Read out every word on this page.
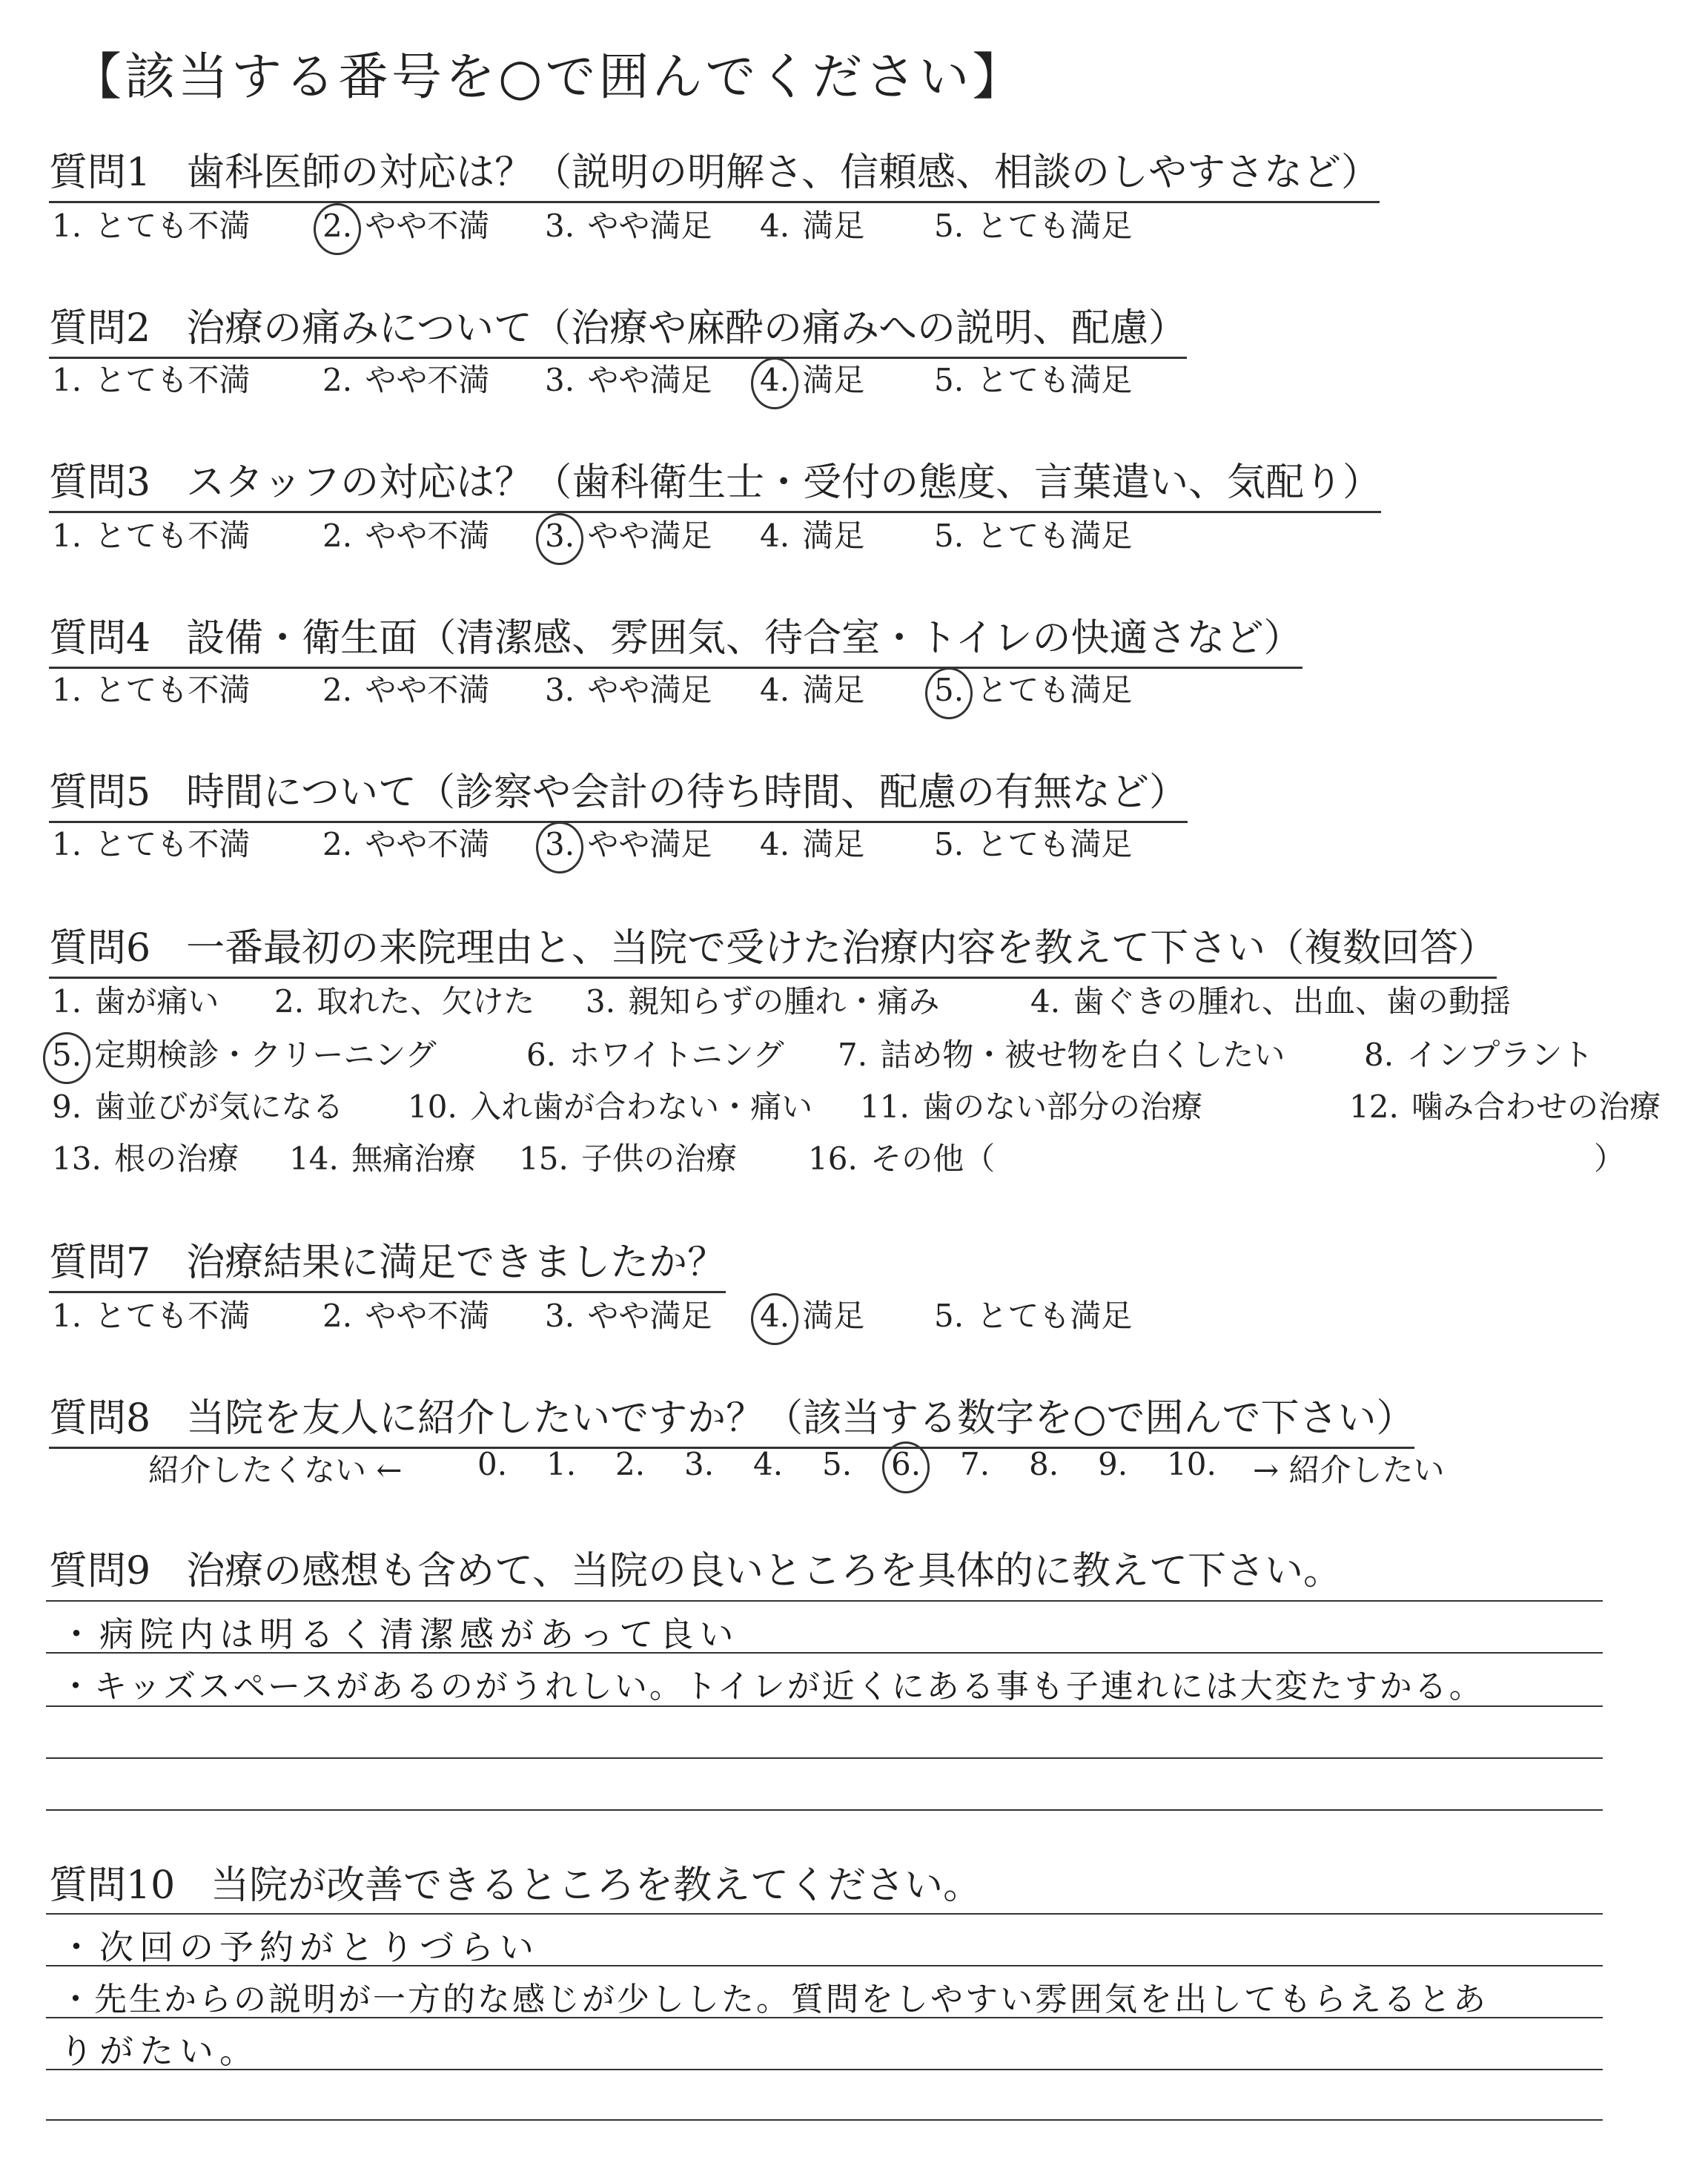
【該当する番号を○で囲んでください】
質問1 歯科医師の対応は？（説明の明解さ、信頼感、相談のしやすさなど）
1. とても不満 2. やや不満 3. やや満足 4. 満足 5. とても満足
質問2 治療の痛みについて（治療や麻酔の痛みへの説明、配慮）
1. とても不満 2. やや不満 3. やや満足 4. 満足 5. とても満足
質問3 スタッフの対応は？（歯科衛生士・受付の態度、言葉遣い、気配り）
1. とても不満 2. やや不満 3. やや満足 4. 満足 5. とても満足
質問4 設備・衛生面（清潔感、雰囲気、待合室・トイレの快適さなど）
1. とても不満 2. やや不満 3. やや満足 4. 満足 5. とても満足
質問5 時間について（診察や会計の待ち時間、配慮の有無など）
1. とても不満 2. やや不満 3. やや満足 4. 満足 5. とても満足
質問6 一番最初の来院理由と、当院で受けた治療内容を教えて下さい（複数回答）
1. 歯が痛い 2. 取れた、欠けた 3. 親知らずの腫れ・痛み	4. 歯ぐきの腫れ、出血、歯の動揺
5. 定期検診・クリーニング	6. ホワイトニング 7. 詰め物・被せ物を白くしたい	8. インプラント
9. 歯並びが気になる 10. 入れ歯が合わない・痛い 11. 歯のない部分の治療	12. 噛み合わせの治療
13. 根の治療 14. 無痛治療 15. 子供の治療 16. その他（	）
質問7 治療結果に満足できましたか？
1. とても不満 2. やや不満 3. やや満足 4. 満足 5. とても満足
質問8 当院を友人に紹介したいですか？（該当する数字を○で囲んで下さい）
紹介したくない ← 0. 1. 2. 3. 4. 5. 6. 7. 8. 9. 10. → 紹介したい
質問9 治療の感想も含めて、当院の良いところを具体的に教えて下さい。
・病院内は明るく清潔感があって良い
・キッズスペースがあるのがうれしい。トイレが近くにある事も子連れには大変たすかる。
質問10 当院が改善できるところを教えてください。
・次回の予約がとりづらい
・先生からの説明が一方的な感じが少しした。質問をしやすい雰囲気を出してもらえるとあ
りがたい。
